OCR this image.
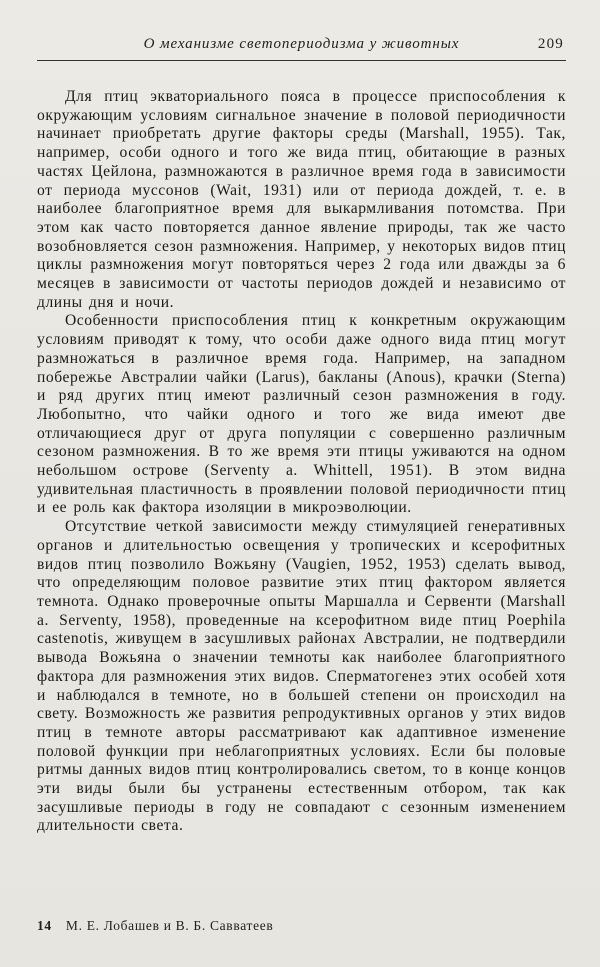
О механизме светопериодизма у животных	209

Для птиц экваториального пояса в процессе приспособления к окружающим условиям сигнальное значение в половой периодичности начинает приобретать другие факторы среды (Marshall, 1955). Так, например, особи одного и того же вида птиц, обитающие в разных частях Цейлона, размножаются в различное время года в зависимости от периода муссонов (Wait, 1931) или от периода дождей, т. е. в наиболее благоприятное время для выкармливания потомства. При этом как часто повторяется данное явление природы, так же часто возобновляется сезон размножения. Например, у некоторых видов птиц циклы размножения могут повторяться через 2 года или дважды за 6 месяцев в зависимости от частоты периодов дождей и независимо от длины дня и ночи.

Особенности приспособления птиц к конкретным окружающим условиям приводят к тому, что особи даже одного вида птиц могут размножаться в различное время года. Например, на западном побережье Австралии чайки (Larus), бакланы (Anous), крачки (Sterna) и ряд других птиц имеют различный сезон размножения в году. Любопытно, что чайки одного и того же вида имеют две отличающиеся друг от друга популяции с совершенно различным сезоном размножения. В то же время эти птицы уживаются на одном небольшом острове (Serventy a. Whittell, 1951). В этом видна удивительная пластичность в проявлении половой периодичности птиц и ее роль как фактора изоляции в микроэволюции.

Отсутствие четкой зависимости между стимуляцией генеративных органов и длительностью освещения у тропических и ксерофитных видов птиц позволило Вожьяну (Vaugien, 1952, 1953) сделать вывод, что определяющим половое развитие этих птиц фактором является темнота. Однако проверочные опыты Маршалла и Сервенти (Marshall a. Serventy, 1958), проведенные на ксерофитном виде птиц Poephila castenotis, живущем в засушливых районах Австралии, не подтвердили вывода Вожьяна о значении темноты как наиболее благоприятного фактора для размножения этих видов. Сперматогенез этих особей хотя и наблюдался в темноте, но в большей степени он происходил на свету. Возможность же развития репродуктивных органов у этих видов птиц в темноте авторы рассматривают как адаптивное изменение половой функции при неблагоприятных условиях. Если бы половые ритмы данных видов птиц контролировались светом, то в конце концов эти виды были бы устранены естественным отбором, так как засушливые периоды в году не совпадают с сезонным изменением длительности света.

14 М. Е. Лобашев и В. Б. Савватеев
